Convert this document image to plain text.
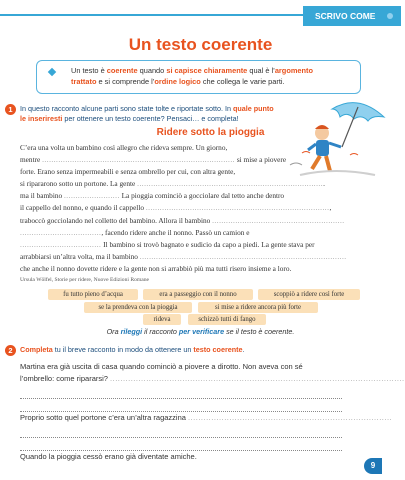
SCRIVO COME
Un testo coerente
Un testo è coerente quando si capisce chiaramente qual è l’argomento
trattato e si comprende l’ordine logico che collega le varie parti.
1	In questo racconto alcune parti sono state tolte e riportate sotto. In quale punto
le inseriresti per ottenere un testo coerente? Pensaci… e completa!
Ridere sotto la pioggia
C’era una volta un bambino così allegro che rideva sempre. Un giorno,
mentre ................................................................................... si mise a piovere
forte. Erano senza impermeabili e senza ombrello per cui, con altra gente,
si ripararono sotto un portone. La gente .................................................................................
ma il bambino ........................ La pioggia cominciò a gocciolare dal tetto anche dentro
il cappello del nonno, e quando il cappello ...............................................................................,
traboccò gocciolando nel colletto del bambino. Allora il bambino .........................................................
..................................., facendo ridere anche il nonno. Passò un camion e
................................... Il bambino si trovò bagnato e sudicio da capo a piedi. La gente stava per
arrabbiarsi un’altra volta, ma il bambino .........................................................................................
che anche il nonno dovette ridere e la gente non si arrabbiò più ma tutti risero insieme a loro.
Ursula Wölfel, Storie per ridere, Nuove Edizioni Romane
fu tutto pieno d’acqua	era a passeggio con il nonno	scoppiò a ridere così forte
se la prendeva con la pioggia	si mise a ridere ancora più forte
rideva	schizzò tutti di fango
Ora rileggi il racconto per verificare se il testo è coerente.
2	Completa tu il breve racconto in modo da ottenere un testo coerente.
Martina era già uscita di casa quando cominciò a piovere a dirotto. Non aveva con sé
l’ombrello: come ripararsi? ..................................................................................................................
Proprio sotto quel portone c’era un’altra ragazzina ...............................................................................
Quando la pioggia cessò erano già diventate amiche.
9
